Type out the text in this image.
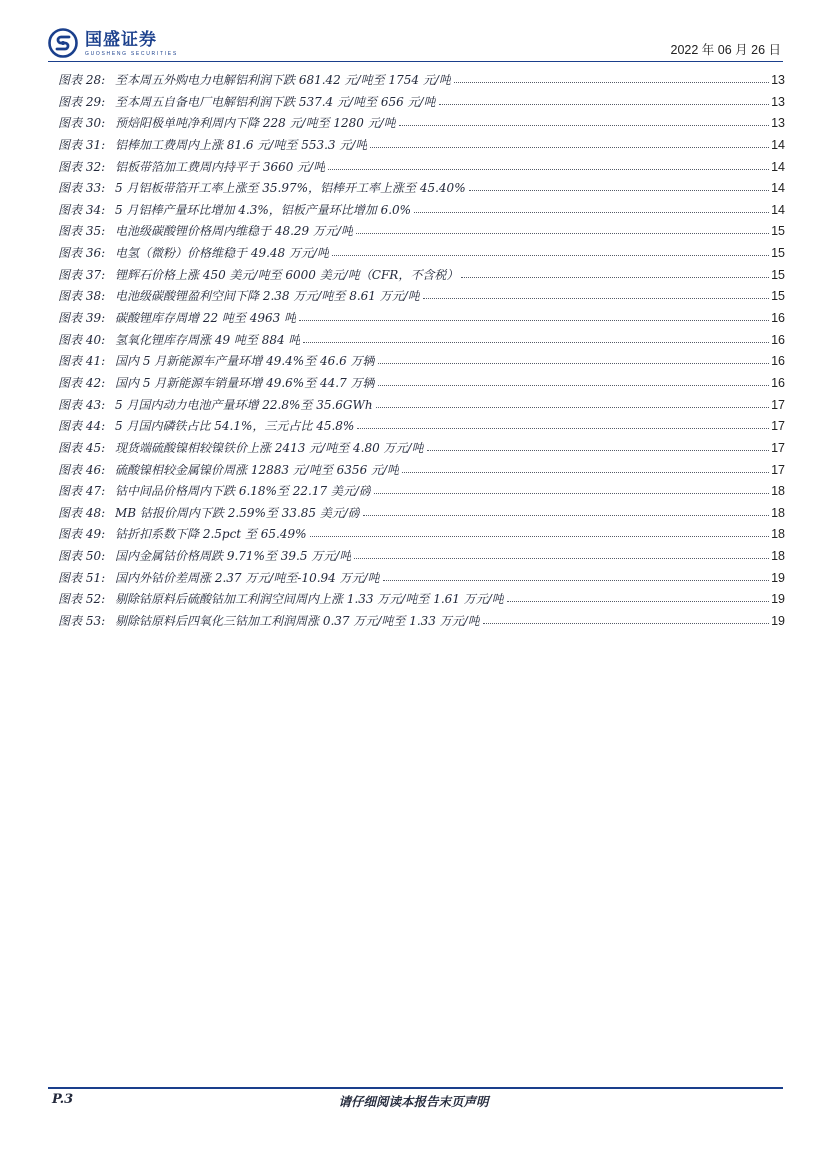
国盛证券
GUOSHENG SECURITIES	2022 年 06 月 26 日
图表 28: 至本周五外购电力电解铝利润下跌 681.42 元/吨至 1754 元/吨	13
图表 29: 至本周五自备电厂电解铝利润下跌 537.4 元/吨至 656 元/吨	13
图表 30: 预焙阳极单吨净利周内下降 228 元/吨至 1280 元/吨	13
图表 31: 铝棒加工费周内上涨 81.6 元/吨至 553.3 元/吨	14
图表 32: 铝板带箔加工费周内持平于 3660 元/吨	14
图表 33: 5 月铝板带箔开工率上涨至 35.97%，铝棒开工率上涨至 45.40%	14
图表 34: 5 月铝棒产量环比增加 4.3%，铝板产量环比增加 6.0%	14
图表 35: 电池级碳酸锂价格周内维稳于 48.29 万元/吨	15
图表 36: 电氢（微粉）价格维稳于 49.48 万元/吨	15
图表 37: 锂辉石价格上涨 450 美元/吨至 6000 美元/吨（CFR，不含税）	15
图表 38: 电池级碳酸锂盈利空间下降 2.38 万元/吨至 8.61 万元/吨	15
图表 39: 碳酸锂库存周增 22 吨至 4963 吨	16
图表 40: 氢氧化锂库存周涨 49 吨至 884 吨	16
图表 41: 国内 5 月新能源车产量环增 49.4%至 46.6 万辆	16
图表 42: 国内 5 月新能源车销量环增 49.6%至 44.7 万辆	16
图表 43: 5 月国内动力电池产量环增 22.8%至 35.6GWh	17
图表 44: 5 月国内磷铁占比 54.1%，三元占比 45.8%	17
图表 45: 现货端硫酸镍相较镍铁价上涨 2413 元/吨至 4.80 万元/吨	17
图表 46: 硫酸镍相较金属镍价周涨 12883 元/吨至 6356 元/吨	17
图表 47: 钴中间品价格周内下跌 6.18%至 22.17 美元/磅	18
图表 48: MB 钴报价周内下跌 2.59%至 33.85 美元/磅	18
图表 49: 钴折扣系数下降 2.5pct 至 65.49%	18
图表 50: 国内金属钴价格周跌 9.71%至 39.5 万元/吨	18
图表 51: 国内外钴价差周涨 2.37 万元/吨至-10.94 万元/吨	19
图表 52: 剔除钴原料后硫酸钴加工利润空间周内上涨 1.33 万元/吨至 1.61 万元/吨	19
图表 53: 剔除钴原料后四氧化三钴加工利润周涨 0.37 万元/吨至 1.33 万元/吨	19
P.3	请仔细阅读本报告末页声明
